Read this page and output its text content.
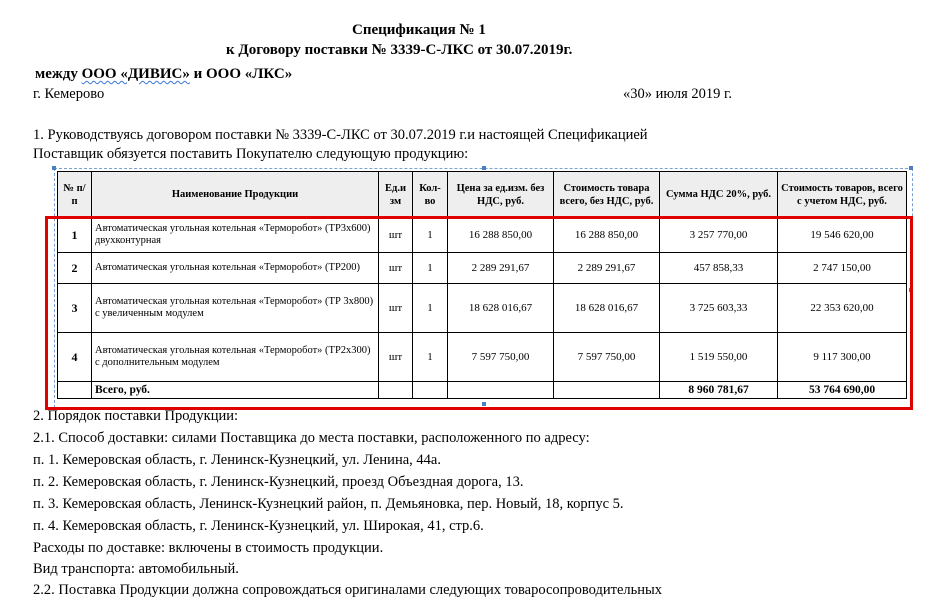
Спецификация № 1
к Договору поставки № 3339-С-ЛКС от 30.07.2019г.
между ООО «ДИВИС» и ООО «ЛКС»
г. Кемерово	«30» июля 2019 г.
1. Руководствуясь договором поставки № 3339-С-ЛКС от 30.07.2019 г.и настоящей Спецификацией
Поставщик обязуется поставить Покупателю следующую продукцию:
№ п/п	Наименование Продукции	Ед.и зм	Кол-во	Цена за ед.изм. без НДС, руб.	Стоимость товара всего, без НДС, руб.	Сумма НДС 20%, руб.	Стоимость товаров, всего с учетом НДС, руб.
1	Автоматическая угольная котельная «Терморобот» (ТР3х600) двухконтурная	шт	1	16 288 850,00	16 288 850,00	3 257 770,00	19 546 620,00
2	Автоматическая угольная котельная «Терморобот» (ТР200)	шт	1	2 289 291,67	2 289 291,67	457 858,33	2 747 150,00
3	Автоматическая угольная котельная «Терморобот» (ТР 3х800) с увеличенным модулем	шт	1	18 628 016,67	18 628 016,67	3 725 603,33	22 353 620,00
4	Автоматическая угольная котельная «Терморобот» (ТР2х300) с дополнительным модулем	шт	1	7 597 750,00	7 597 750,00	1 519 550,00	9 117 300,00
	Всего, руб.					8 960 781,67	53 764 690,00
2. Порядок поставки Продукции:
2.1. Способ доставки: силами Поставщика до места поставки, расположенного по адресу:
п. 1. Кемеровская область, г. Ленинск-Кузнецкий, ул. Ленина, 44а.
п. 2. Кемеровская область, г. Ленинск-Кузнецкий, проезд Объездная дорога, 13.
п. 3. Кемеровская область, Ленинск-Кузнецкий район, п. Демьяновка, пер. Новый, 18, корпус 5.
п. 4. Кемеровская область, г. Ленинск-Кузнецкий, ул. Широкая, 41, стр.6.
Расходы по доставке: включены в стоимость продукции.
Вид транспорта: автомобильный.
2.2. Поставка Продукции должна сопровождаться оригиналами следующих товаросопроводительных
